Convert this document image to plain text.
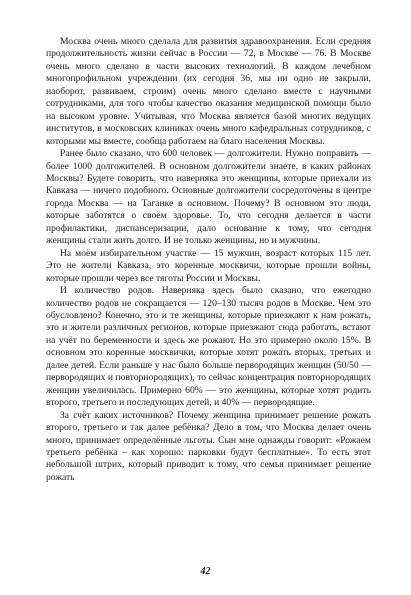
Москва очень много сделала для развития здравоохранения. Если средняя продолжительность жизни сейчас в России — 72, в Москве — 76. В Москве очень много сделано в части высоких технологий. В каждом лечебном многопрофильном учреждении (их сегодня 36, мы ни одно не закрыли, наоборот, развиваем, строим) очень много сделано вместе с научными сотрудниками, для того чтобы качество оказания медицинской помощи было на высоком уровне. Учитывая, что Москва является базой многих ведущих институтов, в московских клиниках очень много кафедральных сотрудников, с которыми мы вместе, сообща работаем на благо населения Москвы.

Ранее было сказано, что 600 человек — долгожители. Нужно поправить — более 1000 долгожителей. В основном долгожители знаете, в каких районах Москвы? Будете говорить, что наверняка это женщины, которые приехали из Кавказа — ничего подобного. Основные долгожители сосредоточены в центре города Москва — на Таганке в основном. Почему? В основном это люди, которые заботятся о своём здоровье. То, что сегодня делается в части профилактики, диспансеризации, дало основание к тому, что сегодня женщины стали жить долго. И не только женщины, но и мужчины.

На моём избирательном участке — 15 мужчин, возраст которых 115 лет. Это не жители Кавказа, это коренные москвичи, которые прошли войны, которые прошли через все тяготы России и Москвы.

И количество родов. Наверняка здесь было сказано, что ежегодно количество родов не сокращается — 120–130 тысяч родов в Москве. Чем это обусловлено? Конечно, это и те женщины, которые приезжают к нам рожать, это и жители различных регионов, которые приезжают сюда работать, встают на учёт по беременности и здесь же рожают. Но это примерно около 15%. В основном это коренные москвички, которые хотят рожать вторых, третьих и далее детей. Если раньше у нас было больше первородящих женщин (50/50 — первородящих и повторнородящих), то сейчас концентрация повторнородящих женщин увеличилась. Примерно 60% — это женщины, которые хотят родить второго, третьего и последующих детей, и 40% — первородящие.

За счёт каких источников? Почему женщина принимает решение рожать второго, третьего и так далее ребёнка? Дело в том, что Москва делает очень много, принимает определённые льготы. Сын мне однажды говорит: «Рожаем третьего ребёнка – как хорошо: парковки будут бесплатные». То есть этот небольшой штрих, который приводит к тому, что семья принимает решение рожать

42
